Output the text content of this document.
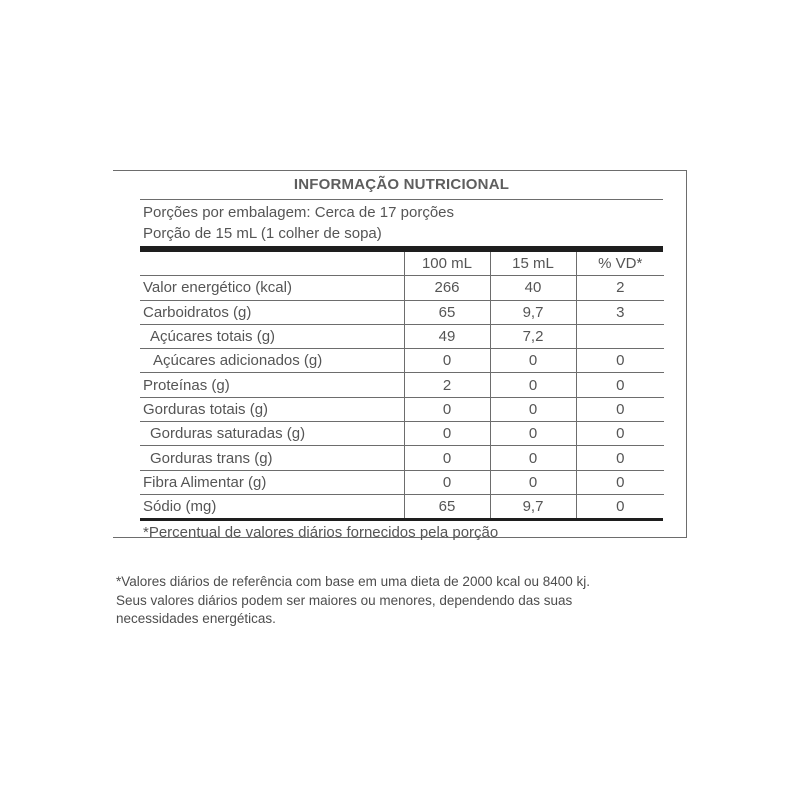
INFORMAÇÃO NUTRICIONAL
Porções por embalagem: Cerca de 17 porções
Porção de 15 mL (1 colher de sopa)
	100 mL	15 mL	% VD*
Valor energético (kcal)	266	40	2
Carboidratos (g)	65	9,7	3
Açúcares totais (g)	49	7,2	
Açúcares adicionados (g)	0	0	0
Proteínas (g)	2	0	0
Gorduras totais (g)	0	0	0
Gorduras saturadas (g)	0	0	0
Gorduras trans (g)	0	0	0
Fibra Alimentar (g)	0	0	0
Sódio (mg)	65	9,7	0
*Percentual de valores diários fornecidos pela porção
*Valores diários de referência com base em uma dieta de 2000 kcal ou 8400 kj.
Seus valores diários podem ser maiores ou menores, dependendo das suas
necessidades energéticas.
